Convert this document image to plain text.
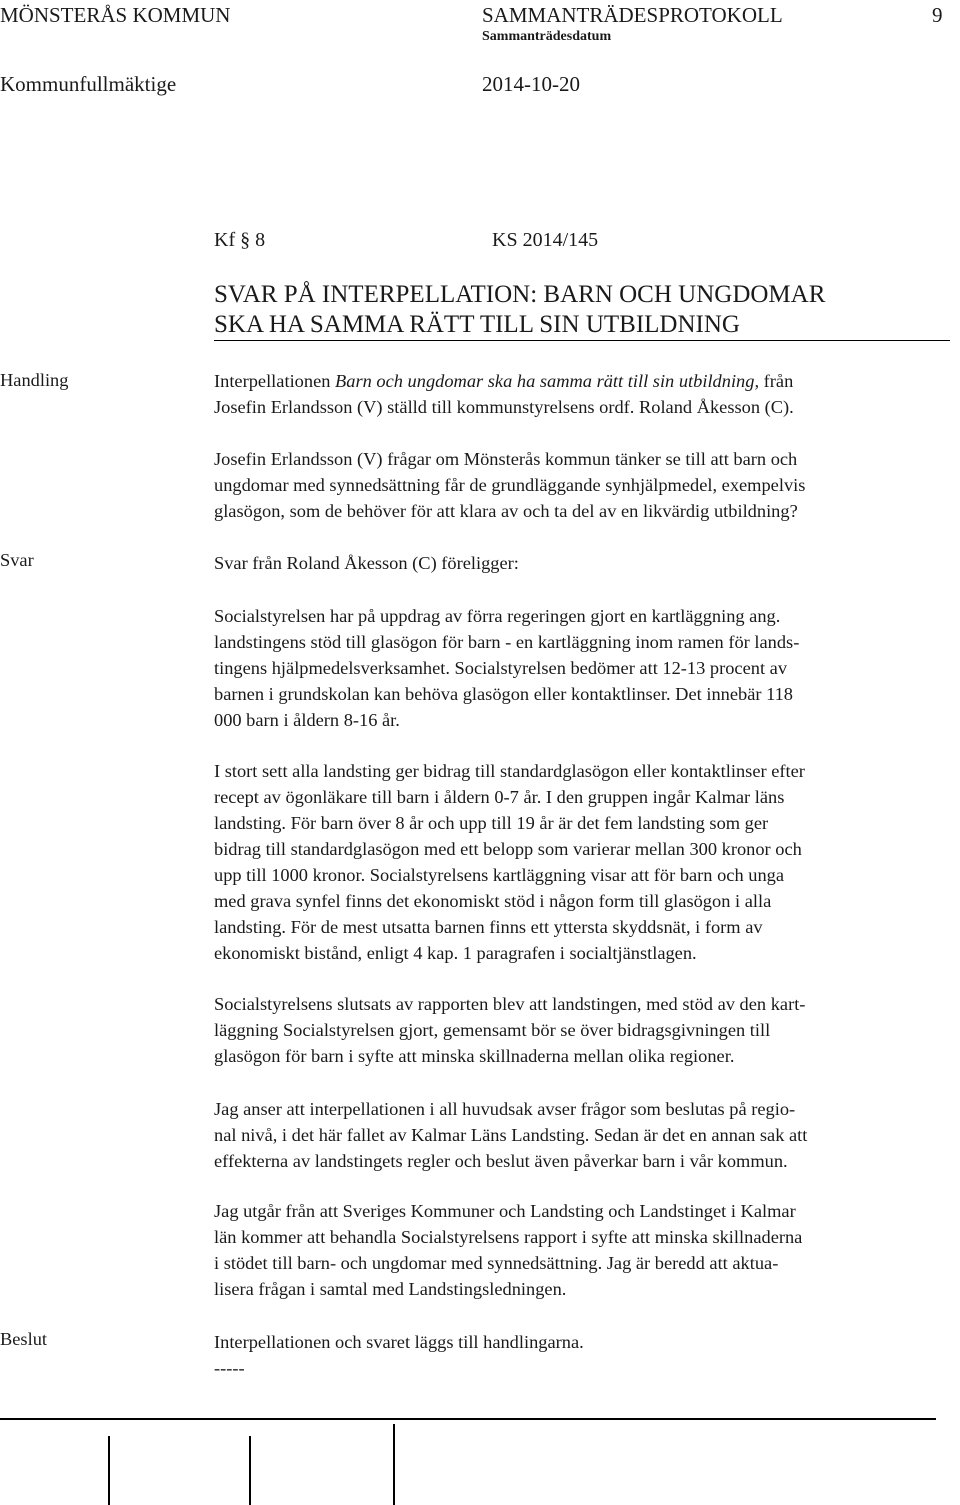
MÖNSTERÅS KOMMUN	SAMMANTRÄDESPROTOKOLL	9
Sammanträdesdatum
Kommunfullmäktige	2014-10-20
Kf § 8	KS 2014/145
SVAR PÅ INTERPELLATION: BARN OCH UNGDOMAR
SKA HA SAMMA RÄTT TILL SIN UTBILDNING
Handling	Interpellationen Barn och ungdomar ska ha samma rätt till sin utbildning, från
Josefin Erlandsson (V) ställd till kommunstyrelsens ordf. Roland Åkesson (C).
Josefin Erlandsson (V) frågar om Mönsterås kommun tänker se till att barn och
ungdomar med synnedsättning får de grundläggande synhjälpmedel, exempelvis
glasögon, som de behöver för att klara av och ta del av en likvärdig utbildning?
Svar	Svar från Roland Åkesson (C) föreligger:
Socialstyrelsen har på uppdrag av förra regeringen gjort en kartläggning ang.
landstingens stöd till glasögon för barn - en kartläggning inom ramen för lands-
tingens hjälpmedelsverksamhet. Socialstyrelsen bedömer att 12-13 procent av
barnen i grundskolan kan behöva glasögon eller kontaktlinser. Det innebär 118
000 barn i åldern 8-16 år.
I stort sett alla landsting ger bidrag till standardglasögon eller kontaktlinser efter
recept av ögonläkare till barn i åldern 0-7 år. I den gruppen ingår Kalmar läns
landsting. För barn över 8 år och upp till 19 år är det fem landsting som ger
bidrag till standardglasögon med ett belopp som varierar mellan 300 kronor och
upp till 1000 kronor. Socialstyrelsens kartläggning visar att för barn och unga
med grava synfel finns det ekonomiskt stöd i någon form till glasögon i alla
landsting. För de mest utsatta barnen finns ett yttersta skyddsnät, i form av
ekonomiskt bistånd, enligt 4 kap. 1 paragrafen i socialtjänstlagen.
Socialstyrelsens slutsats av rapporten blev att landstingen, med stöd av den kart-
läggning Socialstyrelsen gjort, gemensamt bör se över bidragsgivningen till
glasögon för barn i syfte att minska skillnaderna mellan olika regioner.
Jag anser att interpellationen i all huvudsak avser frågor som beslutas på regio-
nal nivå, i det här fallet av Kalmar Läns Landsting. Sedan är det en annan sak att
effekterna av landstingets regler och beslut även påverkar barn i vår kommun.
Jag utgår från att Sveriges Kommuner och Landsting och Landstinget i Kalmar
län kommer att behandla Socialstyrelsens rapport i syfte att minska skillnaderna
i stödet till barn- och ungdomar med synnedsättning. Jag är beredd att aktua-
lisera frågan i samtal med Landstingsledningen.
Beslut	Interpellationen och svaret läggs till handlingarna.
-----
